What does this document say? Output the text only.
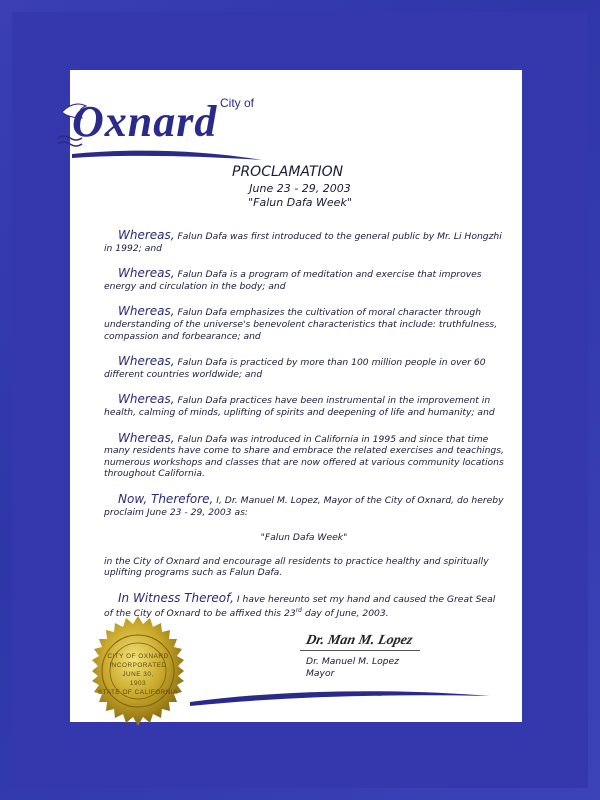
Oxnard City of
PROCLAMATION
June 23 - 29, 2003
"Falun Dafa Week"

Whereas, Falun Dafa was first introduced to the general public by Mr. Li Hongzhi in 1992; and

Whereas, Falun Dafa is a program of meditation and exercise that improves energy and circulation in the body; and

Whereas, Falun Dafa emphasizes the cultivation of moral character through understanding of the universe's benevolent characteristics that include: truthfulness, compassion and forbearance; and

Whereas, Falun Dafa is practiced by more than 100 million people in over 60 different countries worldwide; and

Whereas, Falun Dafa practices have been instrumental in the improvement in health, calming of minds, uplifting of spirits and deepening of life and humanity; and

Whereas, Falun Dafa was introduced in California in 1995 and since that time many residents have come to share and embrace the related exercises and teachings, numerous workshops and classes that are now offered at various community locations throughout California.

Now, Therefore, I, Dr. Manuel M. Lopez, Mayor of the City of Oxnard, do hereby proclaim June 23 - 29, 2003 as:

"Falun Dafa Week"

in the City of Oxnard and encourage all residents to practice healthy and spiritually uplifting programs such as Falun Dafa.

In Witness Thereof, I have hereunto set my hand and caused the Great Seal of the City of Oxnard to be affixed this 23rd day of June, 2003.

CITY OF OXNARD
INCORPORATED
JUNE 30,
1903
STATE OF CALIFORNIA
Dr. Man M. Lopez
Dr. Manuel M. Lopez
Mayor
